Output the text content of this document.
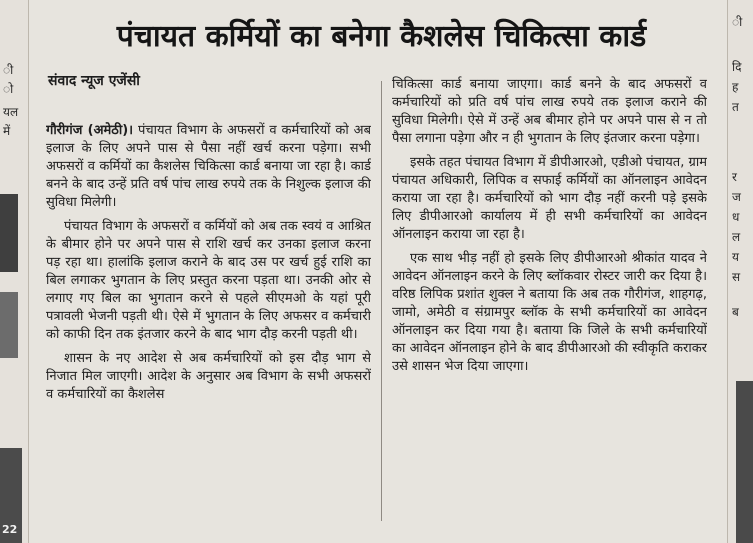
ी
ो
यल
में
22
ी
दि
ह
त
र
ज
ध
ल
य
स
ब
पंचायत कर्मियों का बनेगा कैशलेस चिकित्सा कार्ड

संवाद न्यूज एजेंसी

गौरीगंज (अमेठी)। पंचायत विभाग के अफसरों व कर्मचारियों को अब इलाज के लिए अपने पास से पैसा नहीं खर्च करना पड़ेगा। सभी अफसरों व कर्मियों का कैशलेस चिकित्सा कार्ड बनाया जा रहा है। कार्ड बनने के बाद उन्हें प्रति वर्ष पांच लाख रुपये तक के निशुल्क इलाज की सुविधा मिलेगी।

पंचायत विभाग के अफसरों व कर्मियों को अब तक स्वयं व आश्रित के बीमार होने पर अपने पास से राशि खर्च कर उनका इलाज करना पड़ रहा था। हालांकि इलाज कराने के बाद उस पर खर्च हुई राशि का बिल लगाकर भुगतान के लिए प्रस्तुत करना पड़ता था। उनकी ओर से लगाए गए बिल का भुगतान करने से पहले सीएमओ के यहां पूरी पत्रावली भेजनी पड़ती थी। ऐसे में भुगतान के लिए अफसर व कर्मचारी को काफी दिन तक इंतजार करने के बाद भाग दौड़ करनी पड़ती थी।

शासन के नए आदेश से अब कर्मचारियों को इस दौड़ भाग से निजात मिल जाएगी। आदेश के अनुसार अब विभाग के सभी अफसरों व कर्मचारियों का कैशलेस

चिकित्सा कार्ड बनाया जाएगा। कार्ड बनने के बाद अफसरों व कर्मचारियों को प्रति वर्ष पांच लाख रुपये तक इलाज कराने की सुविधा मिलेगी। ऐसे में उन्हें अब बीमार होने पर अपने पास से न तो पैसा लगाना पड़ेगा और न ही भुगतान के लिए इंतजार करना पड़ेगा।

इसके तहत पंचायत विभाग में डीपीआरओ, एडीओ पंचायत, ग्राम पंचायत अधिकारी, लिपिक व सफाई कर्मियों का ऑनलाइन आवेदन कराया जा रहा है। कर्मचारियों को भाग दौड़ नहीं करनी पड़े इसके लिए डीपीआरओ कार्यालय में ही सभी कर्मचारियों का आवेदन ऑनलाइन कराया जा रहा है।

एक साथ भीड़ नहीं हो इसके लिए डीपीआरओ श्रीकांत यादव ने आवेदन ऑनलाइन करने के लिए ब्लॉकवार रोस्टर जारी कर दिया है। वरिष्ठ लिपिक प्रशांत शुक्ल ने बताया कि अब तक गौरीगंज, शाहगढ़, जामो, अमेठी व संग्रामपुर ब्लॉक के सभी कर्मचारियों का आवेदन ऑनलाइन कर दिया गया है। बताया कि जिले के सभी कर्मचारियों का आवेदन ऑनलाइन होने के बाद डीपीआरओ की स्वीकृति कराकर उसे शासन भेज दिया जाएगा।
